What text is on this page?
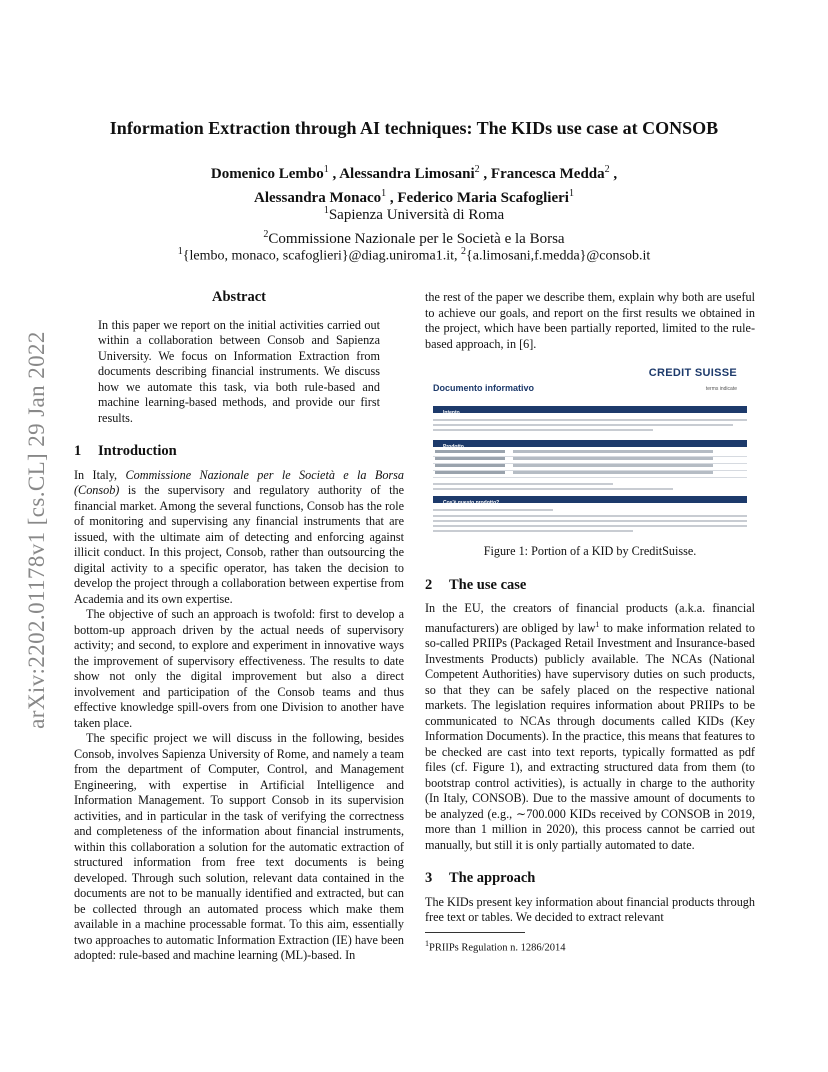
arXiv:2202.01178v1 [cs.CL] 29 Jan 2022
Information Extraction through AI techniques: The KIDs use case at CONSOB
Domenico Lembo$^1$ , Alessandra Limosani$^2$ , Francesca Medda$^2$ ,
Alessandra Monaco$^1$ , Federico Maria Scafoglieri$^1$
$^1$Sapienza Università di Roma
$^2$Commissione Nazionale per le Società e la Borsa
$^1${lembo, monaco, scafoglieri}@diag.uniroma1.it, $^2${a.limosani,f.medda}@consob.it
Abstract

In this paper we report on the initial activities carried out within a collaboration between Consob and Sapienza University. We focus on Information Extraction from documents describing financial instruments. We discuss how we automate this task, via both rule-based and machine learning-based methods, and provide our first results.

1 Introduction

In Italy, Commissione Nazionale per le Società e la Borsa (Consob) is the supervisory and regulatory authority of the financial market. Among the several functions, Consob has the role of monitoring and supervising any financial instruments that are issued, with the ultimate aim of detecting and enforcing against illicit conduct. In this project, Consob, rather than outsourcing the digital activity to a specific operator, has taken the decision to develop the project through a collaboration between expertise from Academia and its own expertise.

The objective of such an approach is twofold: first to develop a bottom-up approach driven by the actual needs of supervisory activity; and second, to explore and experiment in innovative ways the improvement of supervisory effectiveness. The results to date show not only the digital improvement but also a direct involvement and participation of the Consob teams and thus effective knowledge spill-overs from one Division to another have taken place.

The specific project we will discuss in the following, besides Consob, involves Sapienza University of Rome, and namely a team from the department of Computer, Control, and Management Engineering, with expertise in Artificial Intelligence and Information Management. To support Consob in its supervision activities, and in particular in the task of verifying the correctness and completeness of the information about financial instruments, within this collaboration a solution for the automatic extraction of structured information from free text documents is being developed. Through such solution, relevant data contained in the documents are not to be manually identified and extracted, but can be collected through an automated process which make them available in a machine processable format. To this aim, essentially two approaches to automatic Information Extraction (IE) have been adopted: rule-based and machine learning (ML)-based. In

the rest of the paper we describe them, explain why both are useful to achieve our goals, and report on the first results we obtained in the project, which have been partially reported, limited to the rule-based approach, in [6].

CREDIT SUISSE
terms indicate
Documento informativo
Intento
Prodotto
Cos'è questo prodotto?
Figure 1: Portion of a KID by CreditSuisse.
2 The use case

In the EU, the creators of financial products (a.k.a. financial manufacturers) are obliged by law$^1$ to make information related to so-called PRIIPs (Packaged Retail Investment and Insurance-based Investments Products) publicly available. The NCAs (National Competent Authorities) have supervisory duties on such products, so that they can be safely placed on the respective national markets. The legislation requires information about PRIIPs to be communicated to NCAs through documents called KIDs (Key Information Documents). In the practice, this means that features to be checked are cast into text reports, typically formatted as pdf files (cf. Figure 1), and extracting structured data from them (to bootstrap control activities), is actually in charge to the authority (In Italy, CONSOB). Due to the massive amount of documents to be analyzed (e.g., ∼700.000 KIDs received by CONSOB in 2019, more than 1 million in 2020), this process cannot be carried out manually, but still it is only partially automated to date.

3 The approach

The KIDs present key information about financial products through free text or tables. We decided to extract relevant

$^1$PRIIPs Regulation n. 1286/2014
